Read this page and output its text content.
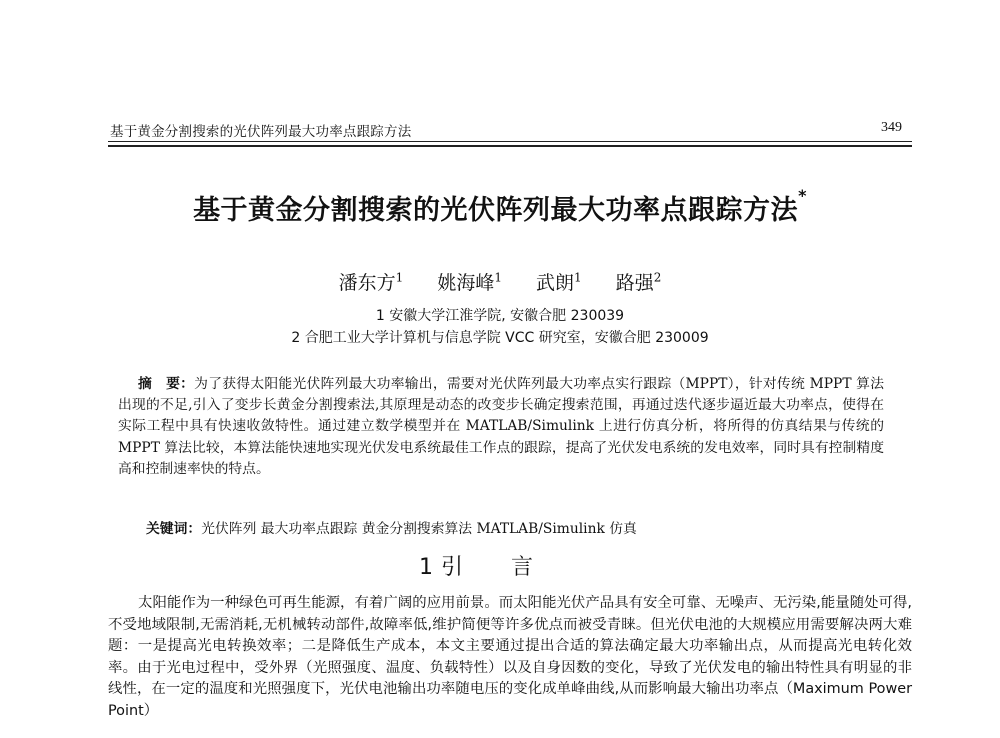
基于黄金分割搜索的光伏阵列最大功率点跟踪方法	349
基于黄金分割搜索的光伏阵列最大功率点跟踪方法*
潘东方$^1$ 姚海峰$^1$ 武朗$^1$ 路强$^2$
1 安徽大学江淮学院, 安徽合肥 230039
2 合肥工业大学计算机与信息学院 VCC 研究室，安徽合肥 230009
摘　要：为了获得太阳能光伏阵列最大功率输出，需要对光伏阵列最大功率点实行跟踪（MPPT），针对传统 MPPT 算法出现的不足,引入了变步长黄金分割搜索法,其原理是动态的改变步长确定搜索范围，再通过迭代逐步逼近最大功率点，使得在实际工程中具有快速收敛特性。通过建立数学模型并在 MATLAB/Simulink 上进行仿真分析，将所得的仿真结果与传统的 MPPT 算法比较，本算法能快速地实现光伏发电系统最佳工作点的跟踪，提高了光伏发电系统的发电效率，同时具有控制精度高和控制速率快的特点。
关键词：光伏阵列 最大功率点跟踪 黄金分割搜索算法 MATLAB/Simulink 仿真
1 引言
太阳能作为一种绿色可再生能源，有着广阔的应用前景。而太阳能光伏产品具有安全可靠、无噪声、无污染,能量随处可得,不受地域限制,无需消耗,无机械转动部件,故障率低,维护简便等许多优点而被受青睐。但光伏电池的大规模应用需要解决两大难题：一是提高光电转换效率；二是降低生产成本，本文主要通过提出合适的算法确定最大功率输出点，从而提高光电转化效率。由于光电过程中，受外界（光照强度、温度、负载特性）以及自身因数的变化，导致了光伏发电的输出特性具有明显的非线性，在一定的温度和光照强度下，光伏电池输出功率随电压的变化成单峰曲线,从而影响最大输出功率点（Maximum Power Point）
